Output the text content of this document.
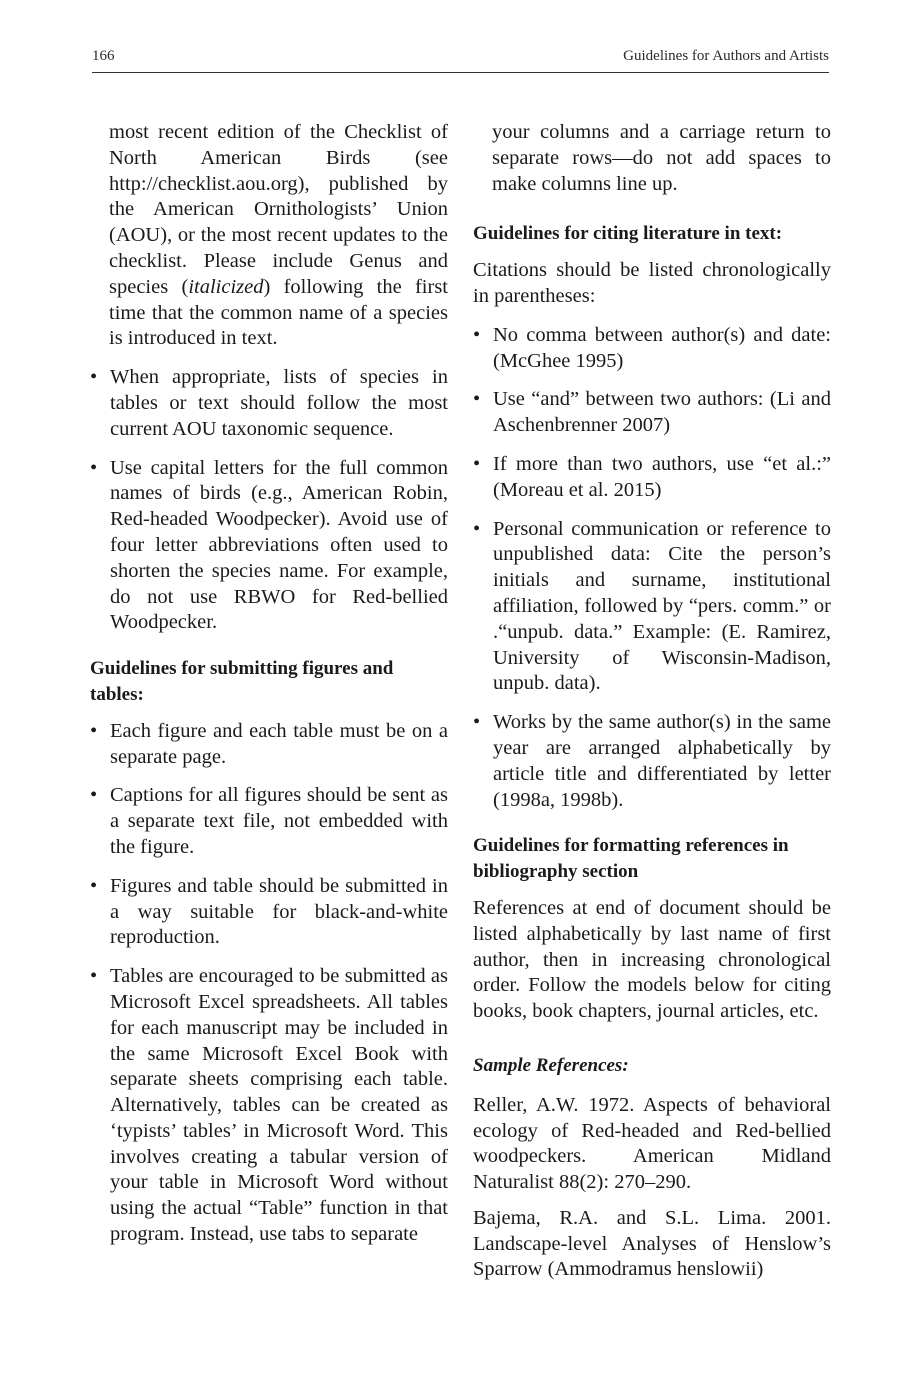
166	Guidelines for Authors and Artists

most recent edition of the Checklist of North American Birds (see http://checklist.aou.org), published by the American Ornithologists’ Union (AOU), or the most recent updates to the checklist. Please include Genus and species (italicized) following the first time that the common name of a species is introduced in text.

• When appropriate, lists of species in tables or text should follow the most current AOU taxonomic sequence.
• Use capital letters for the full common names of birds (e.g., American Robin, Red-headed Woodpecker). Avoid use of four letter abbreviations often used to shorten the species name. For example, do not use RBWO for Red-bellied Woodpecker.
Guidelines for submitting figures and tables:
• Each figure and each table must be on a separate page.
• Captions for all figures should be sent as a separate text file, not embedded with the figure.
• Figures and table should be submitted in a way suitable for black-and-white reproduction.
• Tables are encouraged to be submitted as Microsoft Excel spreadsheets. All tables for each manuscript may be included in the same Microsoft Excel Book with separate sheets comprising each table. Alternatively, tables can be created as ‘typists’ tables’ in Microsoft Word. This involves creating a tabular version of your table in Microsoft Word without using the actual “Table” function in that program. Instead, use tabs to separate

your columns and a carriage return to separate rows—do not add spaces to make columns line up.

Guidelines for citing literature in text:

Citations should be listed chronologically in parentheses:

• No comma between author(s) and date: (McGhee 1995)
• Use “and” between two authors: (Li and Aschenbrenner 2007)
• If more than two authors, use “et al.:” (Moreau et al. 2015)
• Personal communication or reference to unpublished data: Cite the person’s initials and surname, institutional affiliation, followed by “pers. comm.” or .“unpub. data.” Example: (E. Ramirez, University of Wisconsin-Madison, unpub. data).
• Works by the same author(s) in the same year are arranged alphabetically by article title and differentiated by letter (1998a, 1998b).
Guidelines for formatting references in bibliography section

References at end of document should be listed alphabetically by last name of first author, then in increasing chronological order. Follow the models below for citing books, book chapters, journal articles, etc.

Sample References:

Reller, A.W. 1972. Aspects of behavioral ecology of Red-headed and Red-bellied woodpeckers. American Midland Naturalist 88(2): 270–290.

Bajema, R.A. and S.L. Lima. 2001. Landscape-level Analyses of Henslow’s Sparrow (Ammodramus henslowii)
